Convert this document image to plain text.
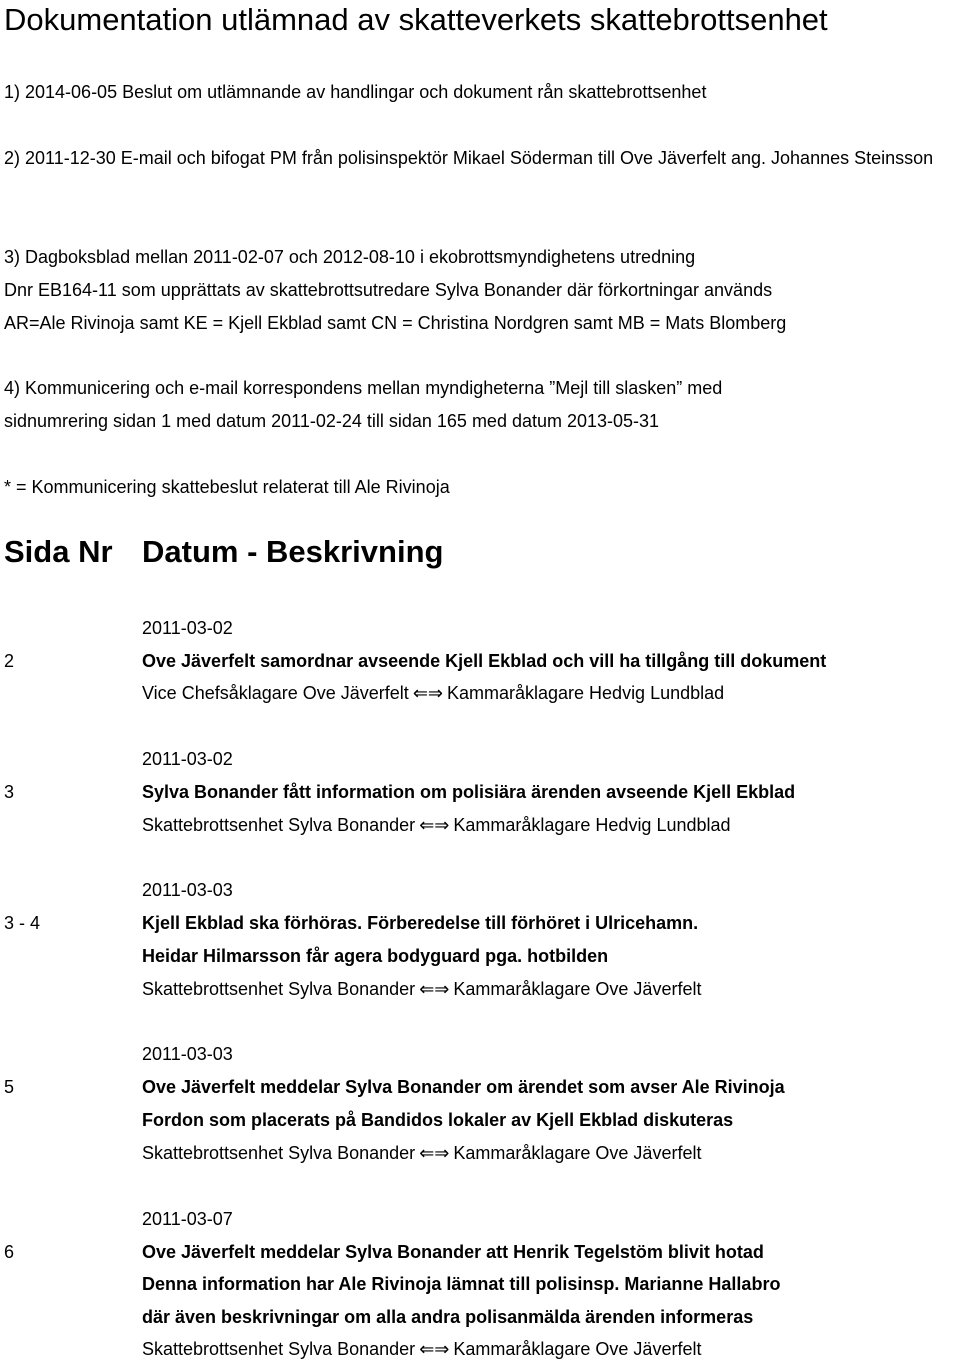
Dokumentation utlämnad av skatteverkets skattebrottsenhet
1) 2014-06-05 Beslut om utlämnande av handlingar och dokument rån skattebrottsenhet
2) 2011-12-30 E-mail och bifogat PM från polisinspektör Mikael Söderman till Ove Jäverfelt ang. Johannes Steinsson
3) Dagboksblad mellan 2011-02-07 och 2012-08-10 i ekobrottsmyndighetens utredning
Dnr EB164-11 som upprättats av skattebrottsutredare Sylva Bonander där förkortningar används
AR=Ale Rivinoja samt KE = Kjell Ekblad samt CN = Christina Nordgren samt MB = Mats Blomberg
4) Kommunicering och e-mail korrespondens mellan myndigheterna ”Mejl till slasken” med
sidnumrering sidan 1 med datum 2011-02-24 till sidan 165 med datum 2013-05-31
* = Kommunicering skattebeslut relaterat till Ale Rivinoja
Sida Nr Datum - Beskrivning
2011-03-02
2	Ove Jäverfelt samordnar avseende Kjell Ekblad och vill ha tillgång till dokument
Vice Chefsåklagare Ove Jäverfelt ⇐⇒ Kammaråklagare Hedvig Lundblad
2011-03-02
3	Sylva Bonander fått information om polisiära ärenden avseende Kjell Ekblad
Skattebrottsenhet Sylva Bonander ⇐⇒ Kammaråklagare Hedvig Lundblad
2011-03-03
3 - 4	Kjell Ekblad ska förhöras. Förberedelse till förhöret i Ulricehamn.
Heidar Hilmarsson får agera bodyguard pga. hotbilden
Skattebrottsenhet Sylva Bonander ⇐⇒ Kammaråklagare Ove Jäverfelt
2011-03-03
5	Ove Jäverfelt meddelar Sylva Bonander om ärendet som avser Ale Rivinoja
Fordon som placerats på Bandidos lokaler av Kjell Ekblad diskuteras
Skattebrottsenhet Sylva Bonander ⇐⇒ Kammaråklagare Ove Jäverfelt
2011-03-07
6	Ove Jäverfelt meddelar Sylva Bonander att Henrik Tegelstöm blivit hotad
Denna information har Ale Rivinoja lämnat till polisinsp. Marianne Hallabro
där även beskrivningar om alla andra polisanmälda ärenden informeras
Skattebrottsenhet Sylva Bonander ⇐⇒ Kammaråklagare Ove Jäverfelt
